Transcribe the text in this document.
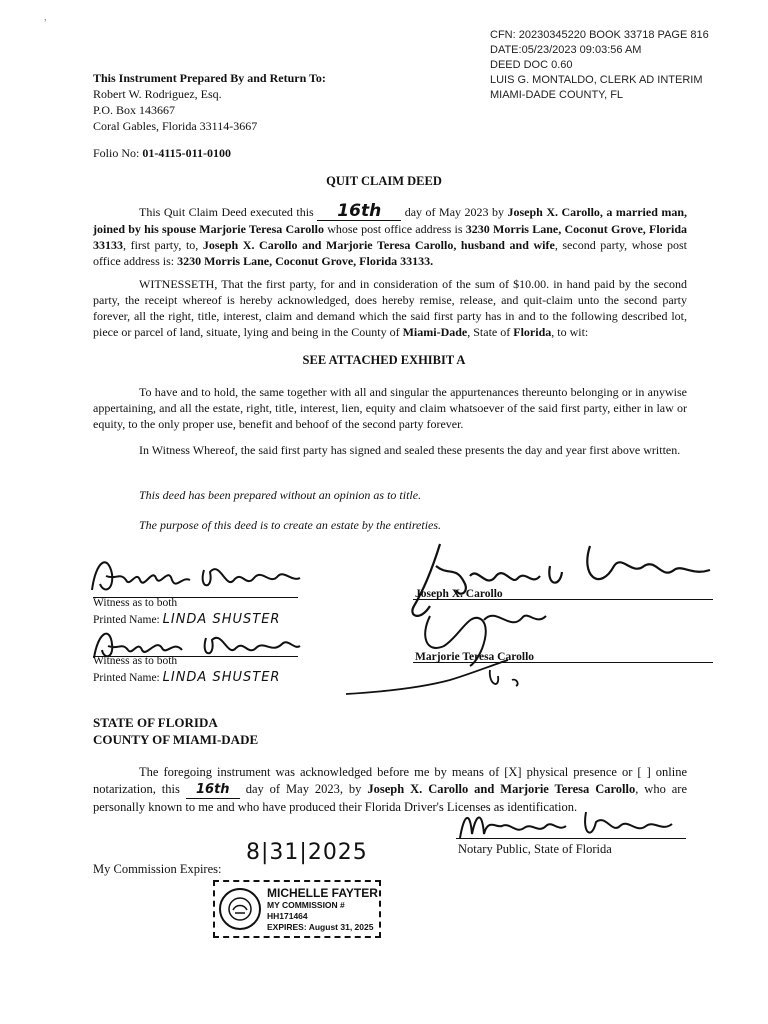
CFN: 20230345220 BOOK 33718 PAGE 816
DATE:05/23/2023 09:03:56 AM
DEED DOC 0.60
LUIS G. MONTALDO, CLERK AD INTERIM
MIAMI-DADE COUNTY, FL
,
This Instrument Prepared By and Return To:
Robert W. Rodriguez, Esq.
P.O. Box 143667
Coral Gables, Florida 33114-3667
Folio No: 01-4115-011-0100
QUIT CLAIM DEED
This Quit Claim Deed executed this 16th day of May 2023 by Joseph X. Carollo, a married man, joined by his spouse Marjorie Teresa Carollo whose post office address is 3230 Morris Lane, Coconut Grove, Florida 33133, first party, to, Joseph X. Carollo and Marjorie Teresa Carollo, husband and wife, second party, whose post office address is: 3230 Morris Lane, Coconut Grove, Florida 33133.
WITNESSETH, That the first party, for and in consideration of the sum of $10.00. in hand paid by the second party, the receipt whereof is hereby acknowledged, does hereby remise, release, and quit-claim unto the second party forever, all the right, title, interest, claim and demand which the said first party has in and to the following described lot, piece or parcel of land, situate, lying and being in the County of Miami-Dade, State of Florida, to wit:
SEE ATTACHED EXHIBIT A
To have and to hold, the same together with all and singular the appurtenances thereunto belonging or in anywise appertaining, and all the estate, right, title, interest, lien, equity and claim whatsoever of the said first party, either in law or equity, to the only proper use, benefit and behoof of the second party forever.
In Witness Whereof, the said first party has signed and sealed these presents the day and year first above written.
This deed has been prepared without an opinion as to title.
The purpose of this deed is to create an estate by the entireties.
Witness as to both
Printed Name: LINDA SHUSTER
Witness as to both
Printed Name: LINDA SHUSTER
Joseph X. Carollo
Marjorie Teresa Carollo
STATE OF FLORIDA
COUNTY OF MIAMI-DADE
The foregoing instrument was acknowledged before me by means of [X] physical presence or [ ] online notarization, this 16th day of May 2023, by Joseph X. Carollo and Marjorie Teresa Carollo, who are personally known to me and who have produced their Florida Driver's Licenses as identification.
Notary Public, State of Florida
My Commission Expires:
8|31|2025
MICHELLE FAYTER
MY COMMISSION # HH171464
EXPIRES: August 31, 2025
